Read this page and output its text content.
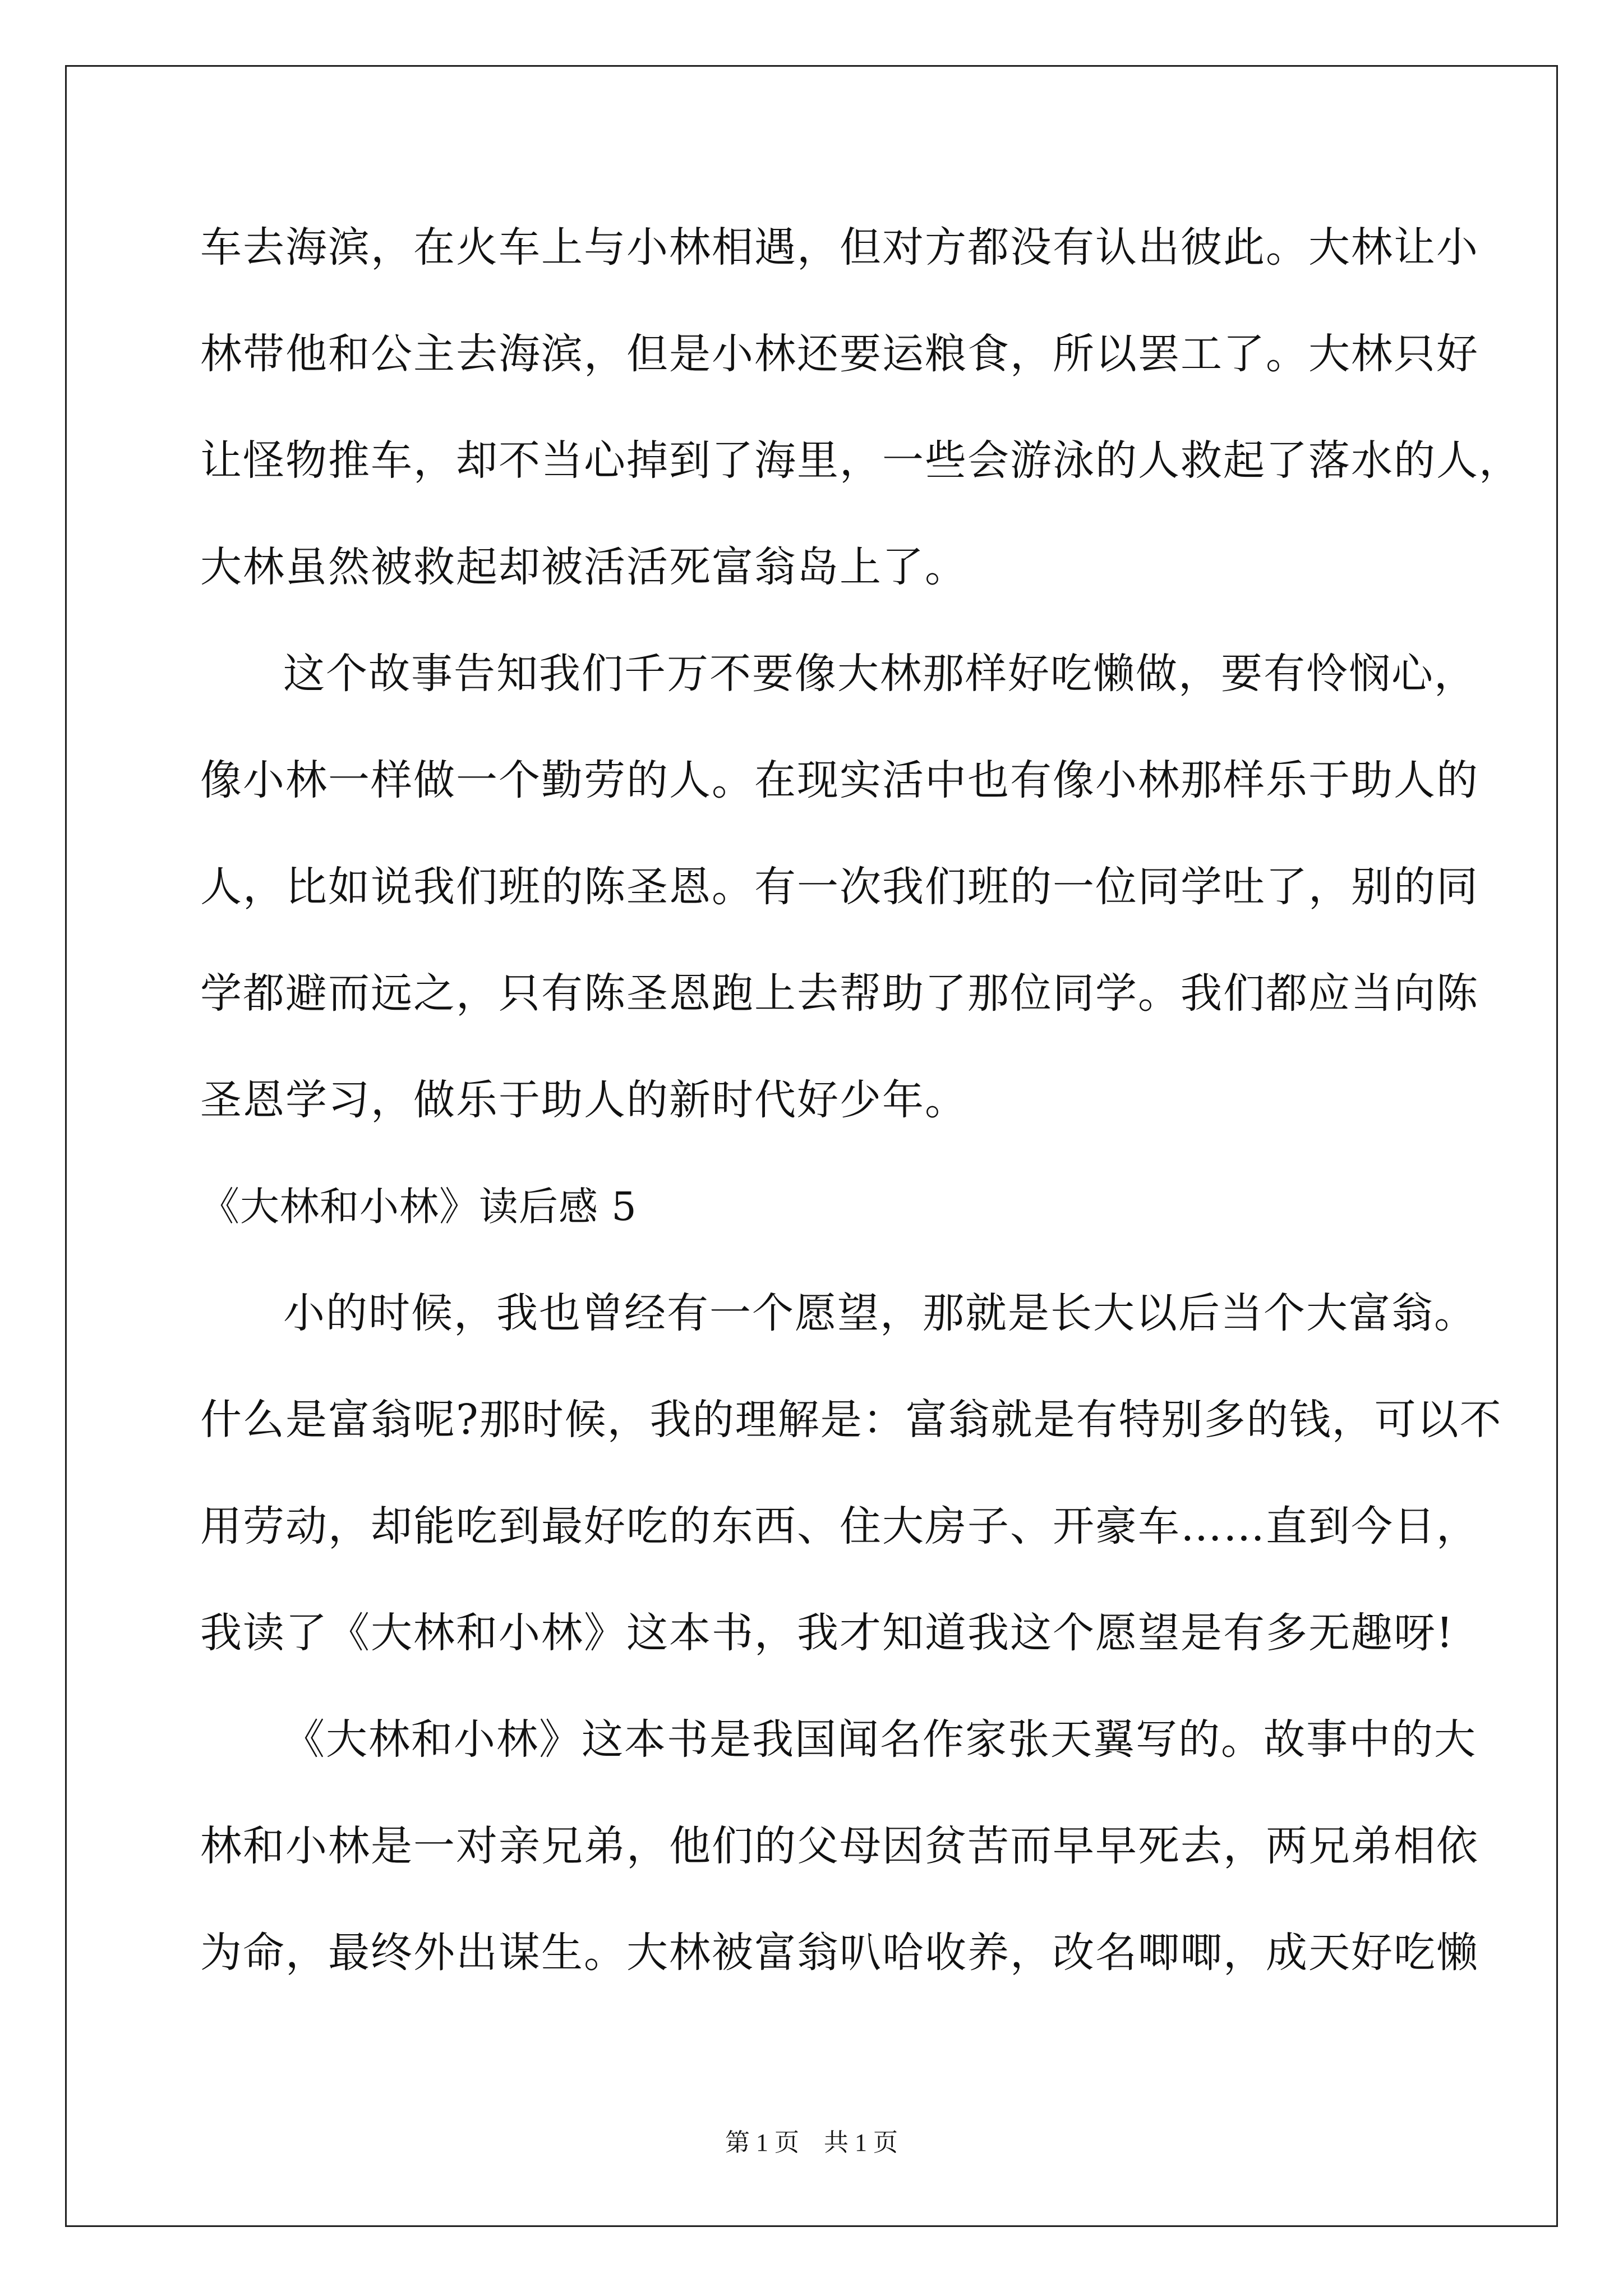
车去海滨，在火车上与小林相遇，但对方都没有认出彼此。大林让小
林带他和公主去海滨，但是小林还要运粮食，所以罢工了。大林只好
让怪物推车，却不当心掉到了海里，一些会游泳的人救起了落水的人，
大林虽然被救起却被活活死富翁岛上了。
这个故事告知我们千万不要像大林那样好吃懒做，要有怜悯心，
像小林一样做一个勤劳的人。在现实活中也有像小林那样乐于助人的
人，比如说我们班的陈圣恩。有一次我们班的一位同学吐了，别的同
学都避而远之，只有陈圣恩跑上去帮助了那位同学。我们都应当向陈
圣恩学习，做乐于助人的新时代好少年。
《大林和小林》读后感 5
小的时候，我也曾经有一个愿望，那就是长大以后当个大富翁。
什么是富翁呢?那时候，我的理解是：富翁就是有特别多的钱，可以不
用劳动，却能吃到最好吃的东西、住大房子、开豪车……直到今日，
我读了《大林和小林》这本书，我才知道我这个愿望是有多无趣呀!
《大林和小林》这本书是我国闻名作家张天翼写的。故事中的大
林和小林是一对亲兄弟，他们的父母因贫苦而早早死去，两兄弟相依
为命，最终外出谋生。大林被富翁叭哈收养，改名唧唧，成天好吃懒
第 1 页    共 1 页
